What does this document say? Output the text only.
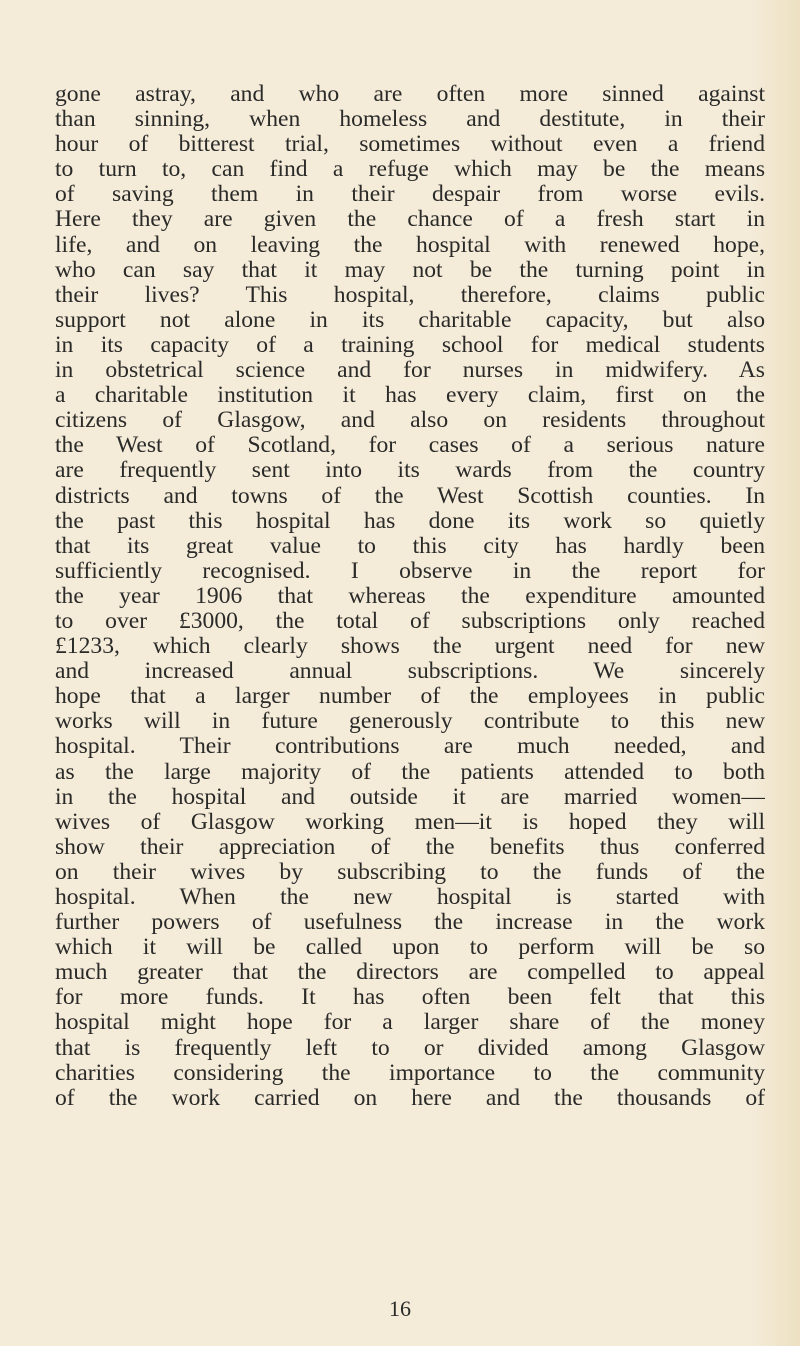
gone astray, and who are often more sinned against
than sinning, when homeless and destitute, in their
hour of bitterest trial, sometimes without even a friend
to turn to, can find a refuge which may be the means
of saving them in their despair from worse evils.
Here they are given the chance of a fresh start in
life, and on leaving the hospital with renewed hope,
who can say that it may not be the turning point in
their lives? This hospital, therefore, claims public
support not alone in its charitable capacity, but also
in its capacity of a training school for medical students
in obstetrical science and for nurses in midwifery. As
a charitable institution it has every claim, first on the
citizens of Glasgow, and also on residents throughout
the West of Scotland, for cases of a serious nature
are frequently sent into its wards from the country
districts and towns of the West Scottish counties. In
the past this hospital has done its work so quietly
that its great value to this city has hardly been
sufficiently recognised. I observe in the report for
the year 1906 that whereas the expenditure amounted
to over £3000, the total of subscriptions only reached
£1233, which clearly shows the urgent need for new
and increased annual subscriptions. We sincerely
hope that a larger number of the employees in public
works will in future generously contribute to this new
hospital. Their contributions are much needed, and
as the large majority of the patients attended to both
in the hospital and outside it are married women—
wives of Glasgow working men—it is hoped they will
show their appreciation of the benefits thus conferred
on their wives by subscribing to the funds of the
hospital. When the new hospital is started with
further powers of usefulness the increase in the work
which it will be called upon to perform will be so
much greater that the directors are compelled to appeal
for more funds. It has often been felt that this
hospital might hope for a larger share of the money
that is frequently left to or divided among Glasgow
charities considering the importance to the community
of the work carried on here and the thousands of
16
